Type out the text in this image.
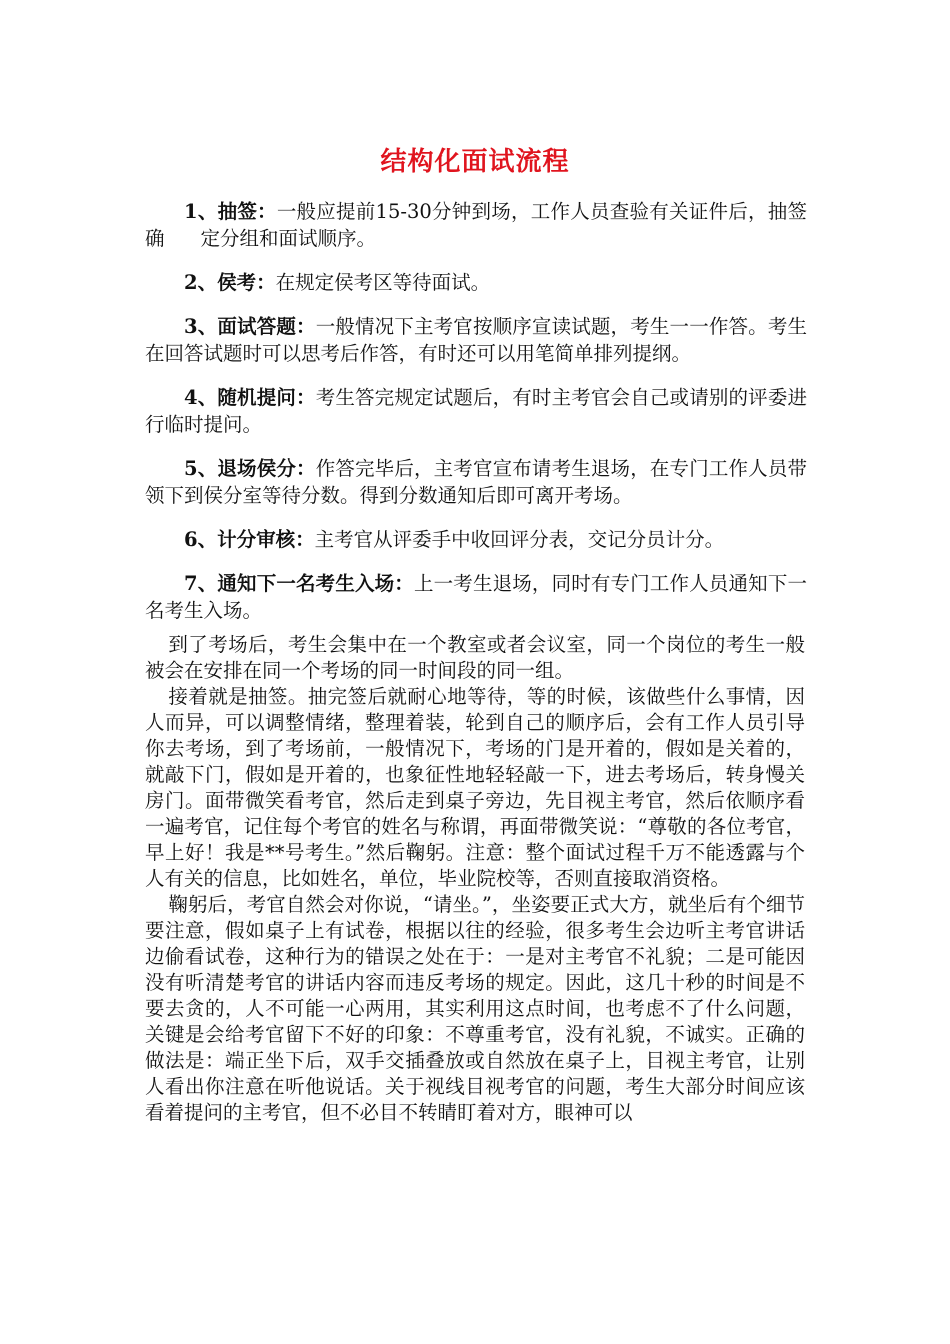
结构化面试流程

1、抽签：一般应提前15-30分钟到场，工作人员查验有关证件后，抽签确 定分组和面试顺序。

2、侯考：在规定侯考区等待面试。

3、面试答题：一般情况下主考官按顺序宣读试题，考生一一作答。考生在回答试题时可以思考后作答，有时还可以用笔简单排列提纲。

4、随机提问：考生答完规定试题后，有时主考官会自己或请别的评委进行临时提问。

5、退场侯分：作答完毕后，主考官宣布请考生退场，在专门工作人员带领下到侯分室等待分数。得到分数通知后即可离开考场。

6、计分审核：主考官从评委手中收回评分表，交记分员计分。

7、通知下一名考生入场：上一考生退场，同时有专门工作人员通知下一名考生入场。

到了考场后，考生会集中在一个教室或者会议室，同一个岗位的考生一般被会在安排在同一个考场的同一时间段的同一组。

接着就是抽签。抽完签后就耐心地等待，等的时候，该做些什么事情，因人而异，可以调整情绪，整理着装，轮到自己的顺序后，会有工作人员引导你去考场，到了考场前，一般情况下，考场的门是开着的，假如是关着的，就敲下门，假如是开着的，也象征性地轻轻敲一下，进去考场后，转身慢关房门。面带微笑看考官，然后走到桌子旁边，先目视主考官，然后依顺序看一遍考官，记住每个考官的姓名与称谓，再面带微笑说：“尊敬的各位考官，早上好！我是**号考生。”然后鞠躬。注意：整个面试过程千万不能透露与个人有关的信息，比如姓名，单位，毕业院校等，否则直接取消资格。

鞠躬后，考官自然会对你说，“请坐。”，坐姿要正式大方，就坐后有个细节要注意，假如桌子上有试卷，根据以往的经验，很多考生会边听主考官讲话边偷看试卷，这种行为的错误之处在于：一是对主考官不礼貌；二是可能因没有听清楚考官的讲话内容而违反考场的规定。因此，这几十秒的时间是不要去贪的，人不可能一心两用，其实利用这点时间，也考虑不了什么问题，关键是会给考官留下不好的印象：不尊重考官，没有礼貌，不诚实。正确的做法是：端正坐下后，双手交插叠放或自然放在桌子上，目视主考官，让别人看出你注意在听他说话。关于视线目视考官的问题，考生大部分时间应该看着提问的主考官，但不必目不转睛盯着对方，眼神可以
